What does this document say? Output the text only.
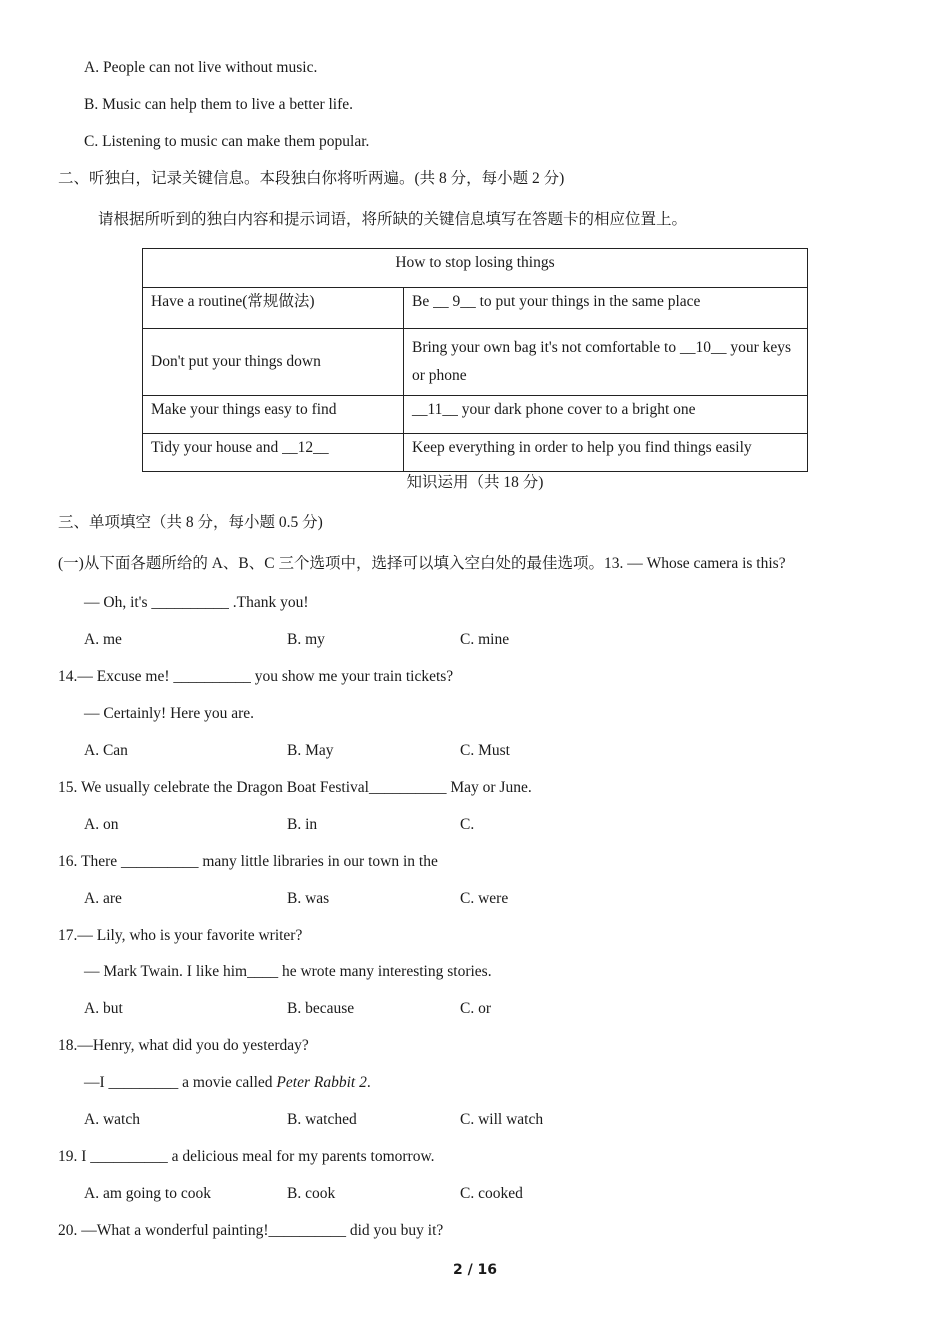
A. People can not live without music.
B. Music can help them to live a better life.
C. Listening to music can make them popular.
二、听独白，记录关键信息。本段独白你将听两遍。(共 8 分，每小题 2 分)
请根据所听到的独白内容和提示词语，将所缺的关键信息填写在答题卡的相应位置上。
How to stop losing things	
Have a routine(常规做法)	Be __ 9__ to put your things in the same place
Don't put your things down	Bring your own bag it's not comfortable to __10__ your keys or phone
Make your things easy to find	__11__ your dark phone cover to a bright one
Tidy your house and __12__	Keep everything in order to help you find things easily
知识运用（共 18 分)
三、单项填空（共 8 分，每小题 0.5 分)
(一)从下面各题所给的 A、B、C 三个选项中，选择可以填入空白处的最佳选项。13. — Whose camera is this?
— Oh, it's __________ .Thank you!
A. me	B. my	C. mine
14.— Excuse me! __________ you show me your train tickets?
— Certainly! Here you are.
A. Can	B. May	C. Must
15. We usually celebrate the Dragon Boat Festival__________ May or June.
A. on	B. in	C.
16. There __________ many little libraries in our town in the
A. are	B. was	C. were
17.— Lily, who is your favorite writer?
— Mark Twain. I like him____ he wrote many interesting stories.
A. but	B. because	C. or
18.—Henry, what did you do yesterday?
—I _________ a movie called Peter Rabbit 2.
A. watch	B. watched	C. will watch
19. I __________ a delicious meal for my parents tomorrow.
A. am going to cook	B. cook	C. cooked
20. —What a wonderful painting!__________ did you buy it?
2 / 16
